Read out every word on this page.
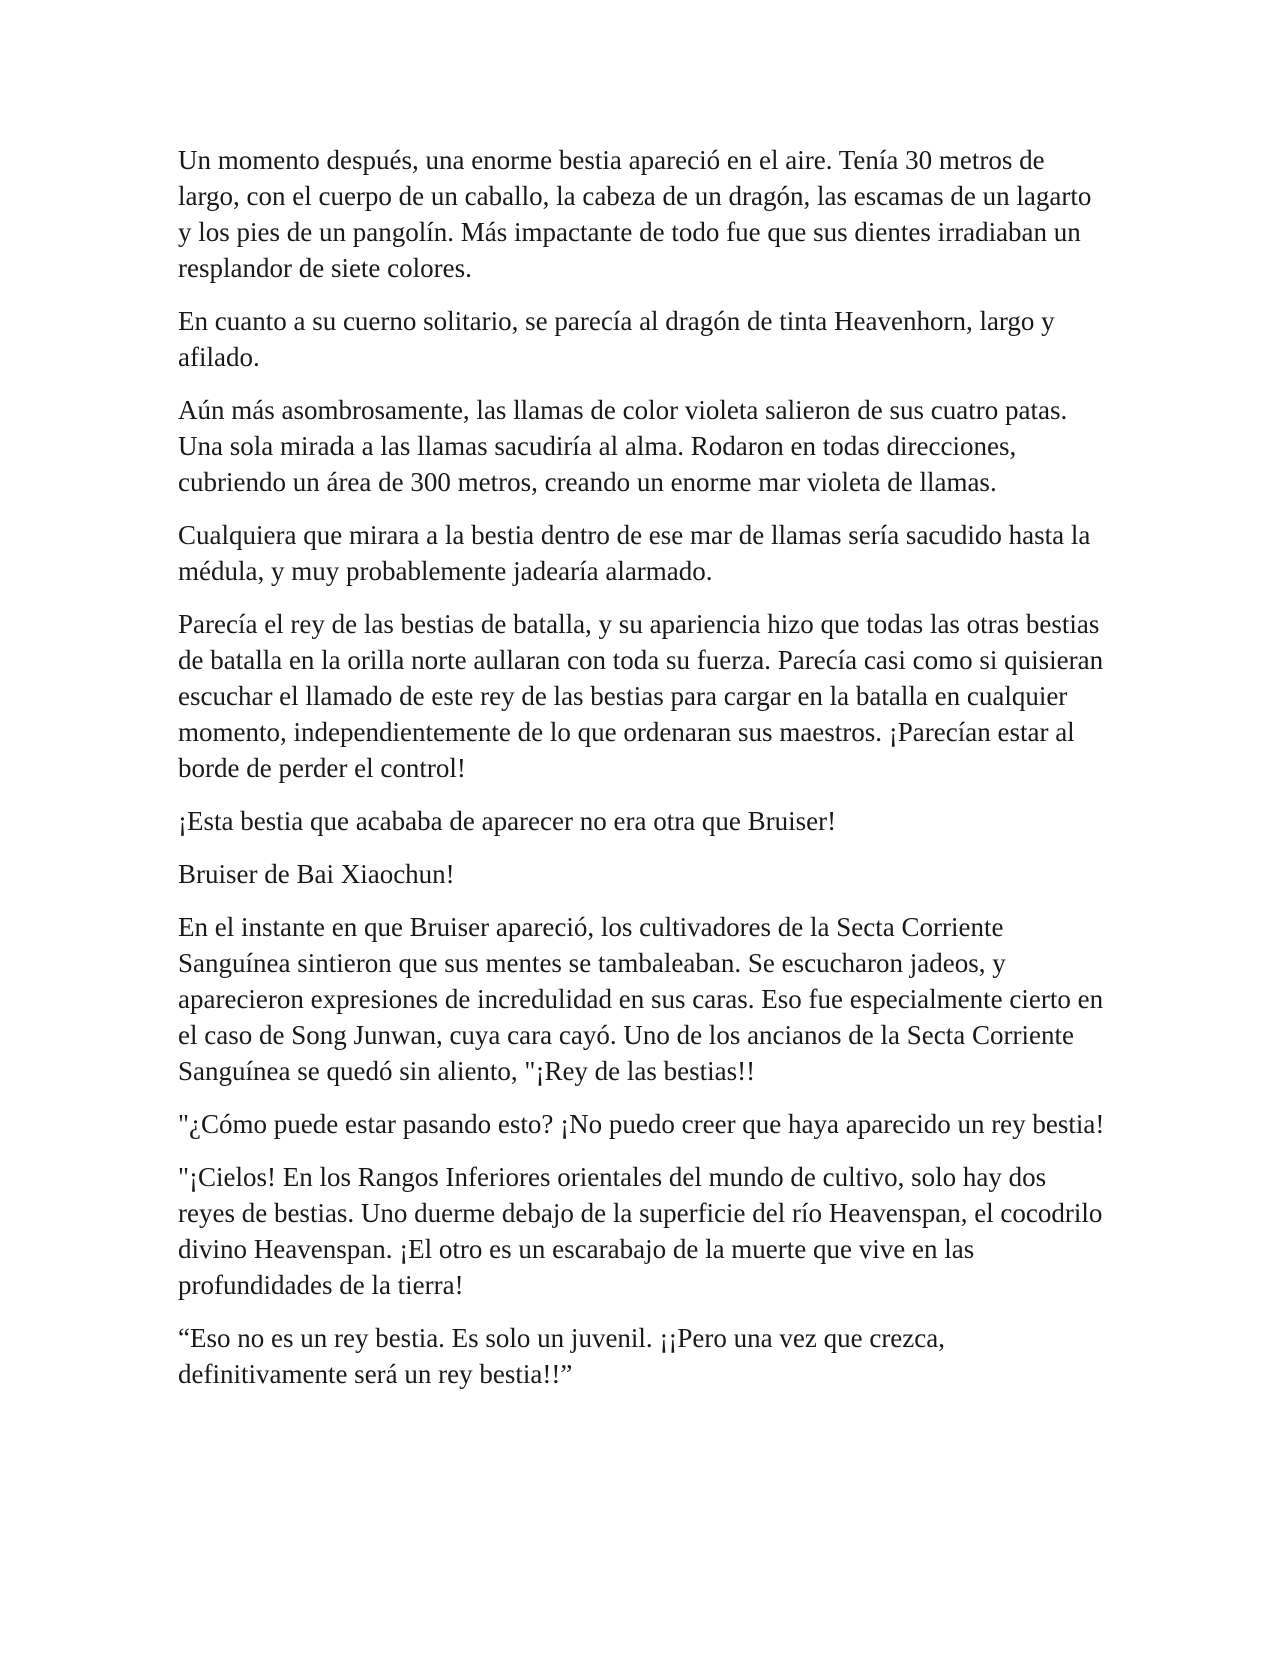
Un momento después, una enorme bestia apareció en el aire. Tenía 30 metros de largo, con el cuerpo de un caballo, la cabeza de un dragón, las escamas de un lagarto y los pies de un pangolín. Más impactante de todo fue que sus dientes irradiaban un resplandor de siete colores.

En cuanto a su cuerno solitario, se parecía al dragón de tinta Heavenhorn, largo y afilado.

Aún más asombrosamente, las llamas de color violeta salieron de sus cuatro patas. Una sola mirada a las llamas sacudiría al alma. Rodaron en todas direcciones, cubriendo un área de 300 metros, creando un enorme mar violeta de llamas.

Cualquiera que mirara a la bestia dentro de ese mar de llamas sería sacudido hasta la médula, y muy probablemente jadearía alarmado.

Parecía el rey de las bestias de batalla, y su apariencia hizo que todas las otras bestias de batalla en la orilla norte aullaran con toda su fuerza. Parecía casi como si quisieran escuchar el llamado de este rey de las bestias para cargar en la batalla en cualquier momento, independientemente de lo que ordenaran sus maestros. ¡Parecían estar al borde de perder el control!

¡Esta bestia que acababa de aparecer no era otra que Bruiser!

Bruiser de Bai Xiaochun!

En el instante en que Bruiser apareció, los cultivadores de la Secta Corriente Sanguínea sintieron que sus mentes se tambaleaban. Se escucharon jadeos, y aparecieron expresiones de incredulidad en sus caras. Eso fue especialmente cierto en el caso de Song Junwan, cuya cara cayó. Uno de los ancianos de la Secta Corriente Sanguínea se quedó sin aliento, "¡Rey de las bestias!!

"¿Cómo puede estar pasando esto? ¡No puedo creer que haya aparecido un rey bestia!

"¡Cielos! En los Rangos Inferiores orientales del mundo de cultivo, solo hay dos reyes de bestias. Uno duerme debajo de la superficie del río Heavenspan, el cocodrilo divino Heavenspan. ¡El otro es un escarabajo de la muerte que vive en las profundidades de la tierra!

“Eso no es un rey bestia. Es solo un juvenil. ¡¡Pero una vez que crezca, definitivamente será un rey bestia!!”
